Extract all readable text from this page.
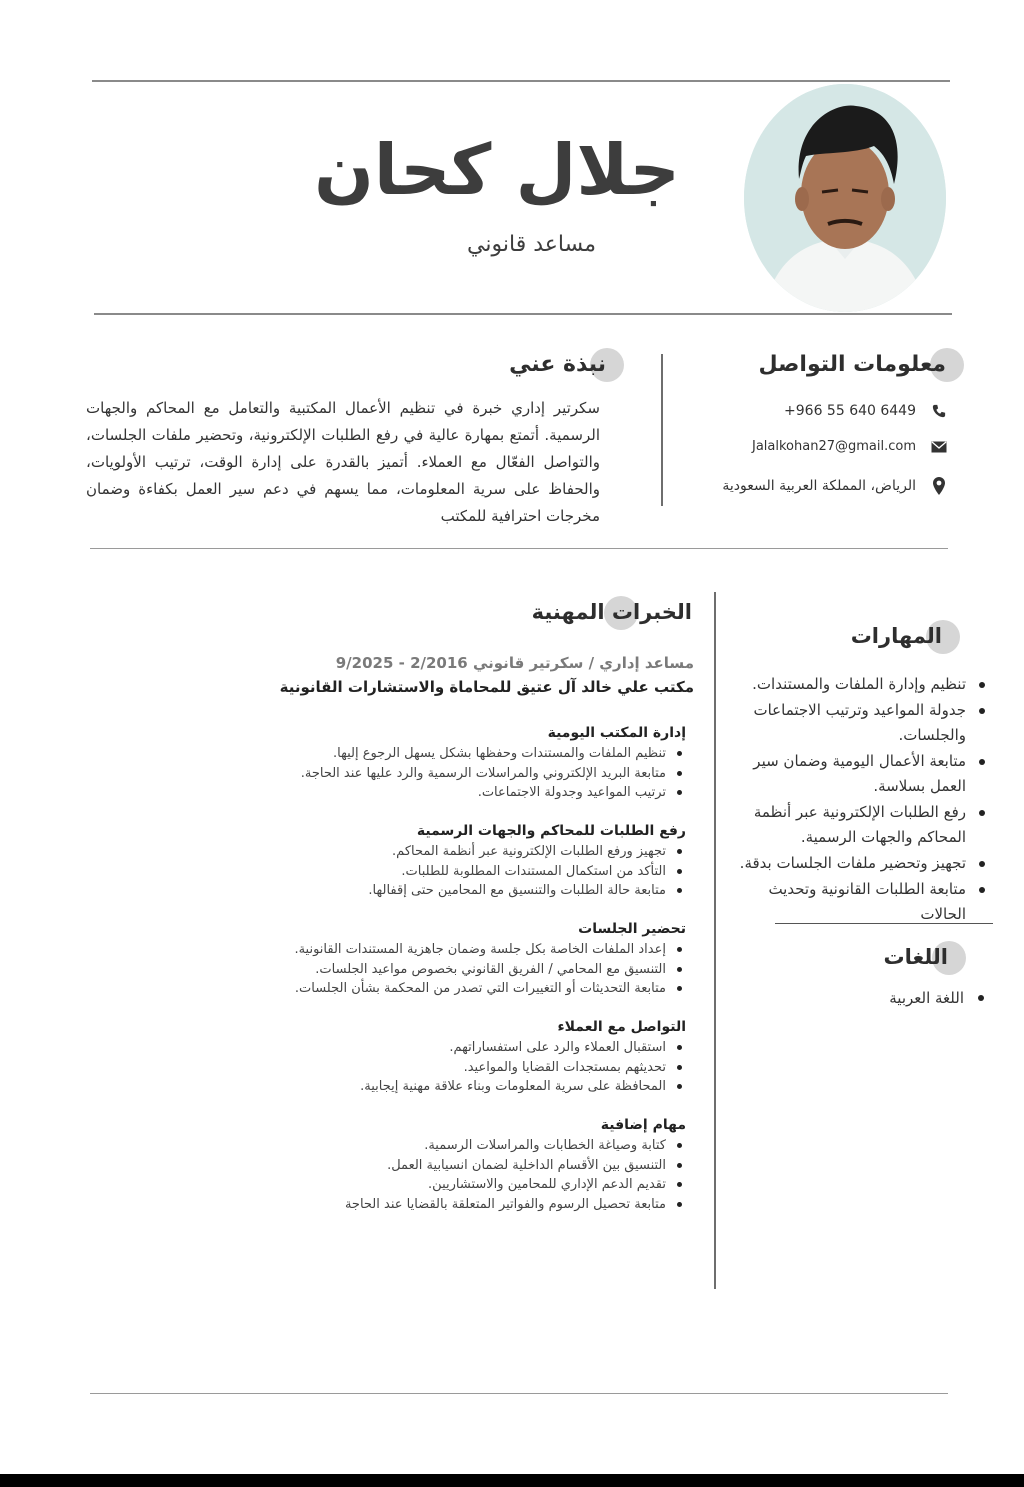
جلال كحان
مساعد قانوني
معلومات التواصل
+966 55 640 6449
Jalalkohan27@gmail.com
الرياض، المملكة العربية السعودية
نبذة عني
سكرتير إداري خبرة في تنظيم الأعمال المكتبية والتعامل مع المحاكم والجهات الرسمية. أتمتع بمهارة عالية في رفع الطلبات الإلكترونية، وتحضير ملفات الجلسات، والتواصل الفعّال مع العملاء. أتميز بالقدرة على إدارة الوقت، ترتيب الأولويات، والحفاظ على سرية المعلومات، مما يسهم في دعم سير العمل بكفاءة وضمان مخرجات احترافية للمكتب
المهارات
تنظيم وإدارة الملفات والمستندات.
جدولة المواعيد وترتيب الاجتماعات والجلسات.
متابعة الأعمال اليومية وضمان سير العمل بسلاسة.
رفع الطلبات الإلكترونية عبر أنظمة المحاكم والجهات الرسمية.
تجهيز وتحضير ملفات الجلسات بدقة.
متابعة الطلبات القانونية وتحديث الحالات
اللغات
اللغة العربية
الخبرات المهنية
مساعد إداري / سكرتير قانوني 2/2016 - 9/2025
مكتب علي خالد آل عتيق للمحاماة والاستشارات القانونية
إدارة المكتب اليومية
تنظيم الملفات والمستندات وحفظها بشكل يسهل الرجوع إليها.
متابعة البريد الإلكتروني والمراسلات الرسمية والرد عليها عند الحاجة.
ترتيب المواعيد وجدولة الاجتماعات.
رفع الطلبات للمحاكم والجهات الرسمية
تجهيز ورفع الطلبات الإلكترونية عبر أنظمة المحاكم.
التأكد من استكمال المستندات المطلوبة للطلبات.
متابعة حالة الطلبات والتنسيق مع المحامين حتى إقفالها.
تحضير الجلسات
إعداد الملفات الخاصة بكل جلسة وضمان جاهزية المستندات القانونية.
التنسيق مع المحامي / الفريق القانوني بخصوص مواعيد الجلسات.
متابعة التحديثات أو التغييرات التي تصدر من المحكمة بشأن الجلسات.
التواصل مع العملاء
استقبال العملاء والرد على استفساراتهم.
تحديثهم بمستجدات القضايا والمواعيد.
المحافظة على سرية المعلومات وبناء علاقة مهنية إيجابية.
مهام إضافية
كتابة وصياغة الخطابات والمراسلات الرسمية.
التنسيق بين الأقسام الداخلية لضمان انسيابية العمل.
تقديم الدعم الإداري للمحامين والاستشاريين.
متابعة تحصيل الرسوم والفواتير المتعلقة بالقضايا عند الحاجة
